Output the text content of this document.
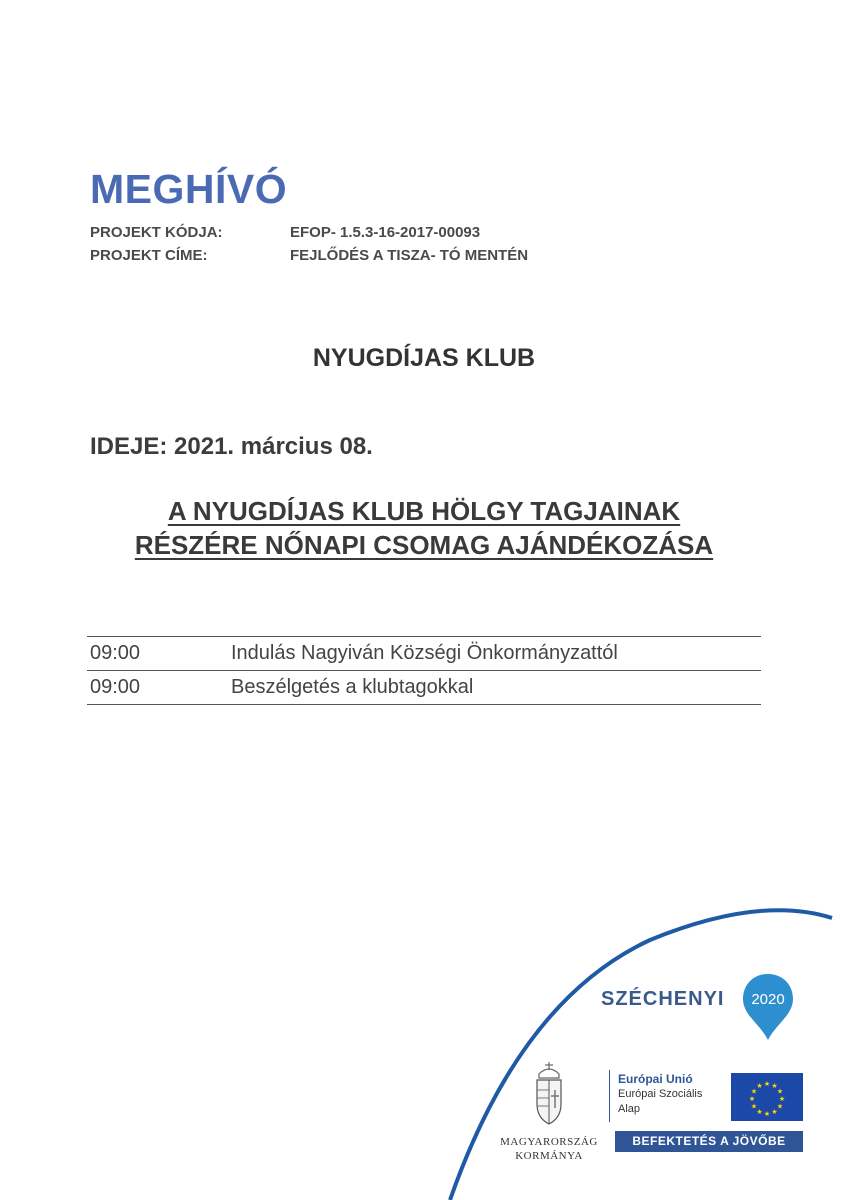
MEGHÍVÓ
PROJEKT KÓDJA:	EFOP- 1.5.3-16-2017-00093
PROJEKT CÍME:	FEJLŐDÉS A TISZA- TÓ MENTÉN
NYUGDÍJAS KLUB
IDEJE: 2021. március 08.
A NYUGDÍJAS KLUB HÖLGY TAGJAINAK
RÉSZÉRE NŐNAPI CSOMAG AJÁNDÉKOZÁSA
09:00	Indulás Nagyiván Községi Önkormányzattól
09:00	Beszélgetés a klubtagokkal
SZÉCHENYI 2020
MAGYARORSZÁG
KORMÁNYA
Európai Unió
Európai Szociális
Alap
★ ★
★
★
★
★
★
★
★
★
★
★
BEFEKTETÉS A JÖVŐBE
